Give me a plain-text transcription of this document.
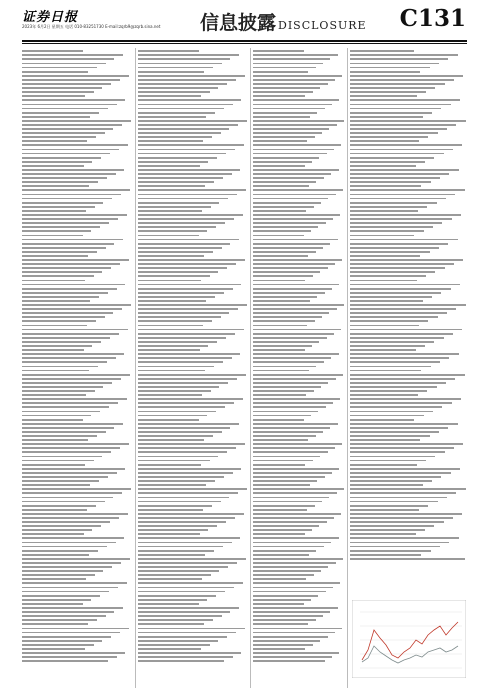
证券日报
2023年 6月2日 星期五 电话 010-83251730 E-mail:zqrb9@zqrb.sina.net 信息披露 DISCLOSURE C131
